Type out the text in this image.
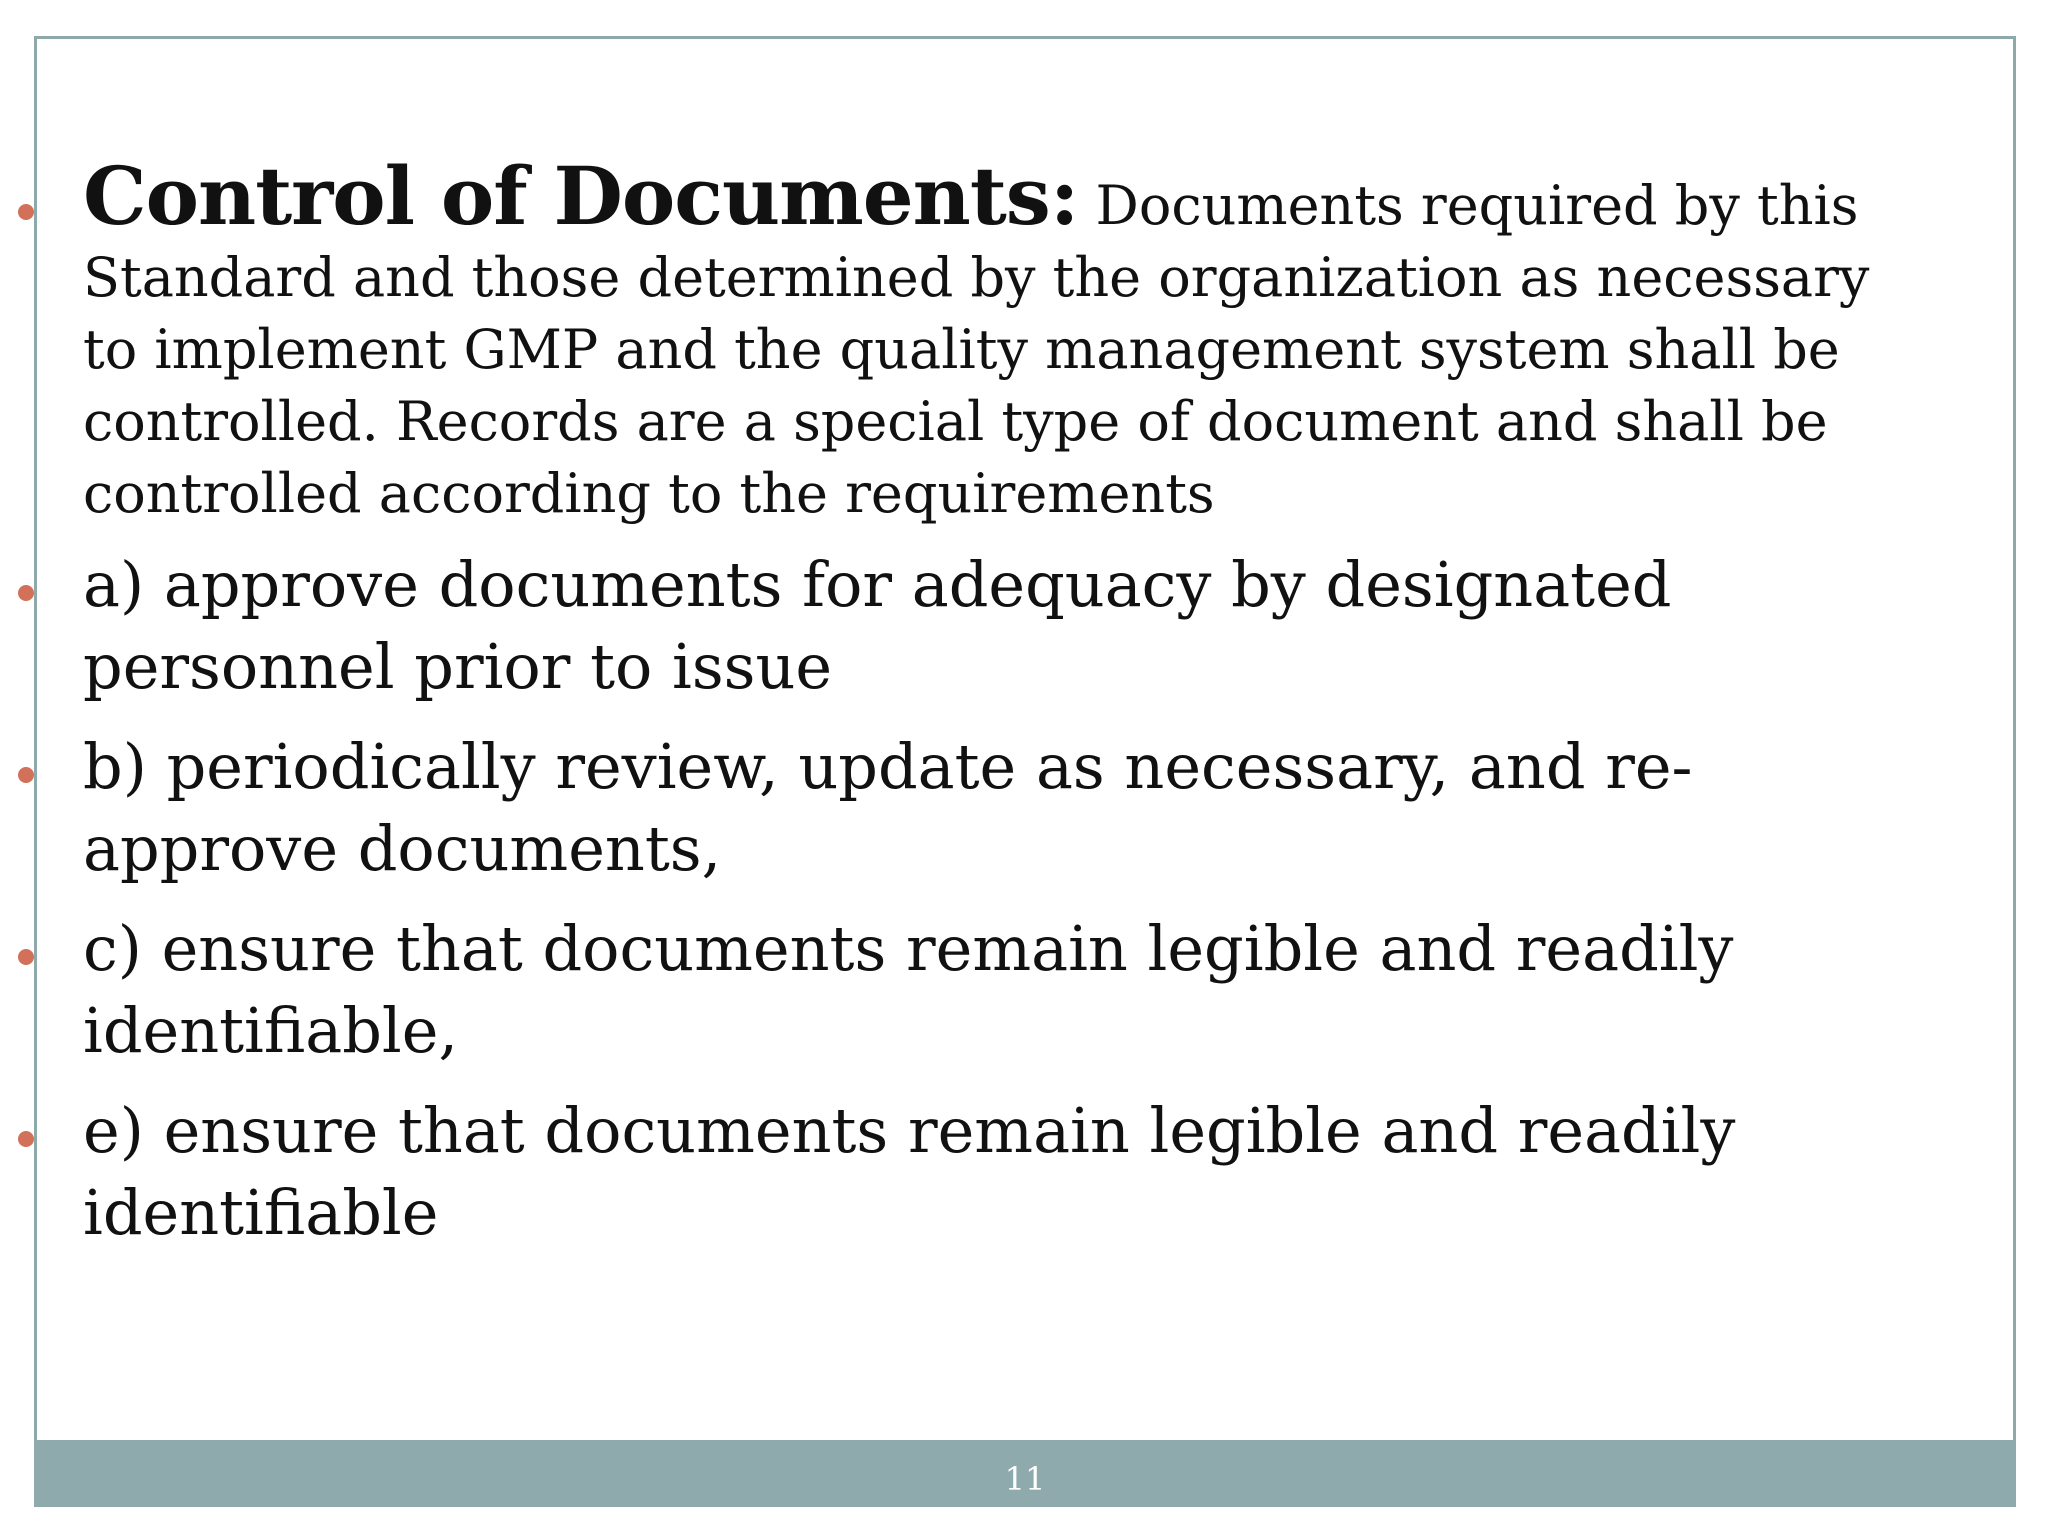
Control of Documents: Documents required by this Standard and those determined by the organization as necessary to implement GMP and the quality management system shall be controlled. Records are a special type of document and shall be controlled according to the requirements
a) approve documents for adequacy by designated personnel prior to issue
b) periodically review, update as necessary, and re-approve documents,
c) ensure that documents remain legible and readily identifiable,
e) ensure that documents remain legible and readily identifiable
11
